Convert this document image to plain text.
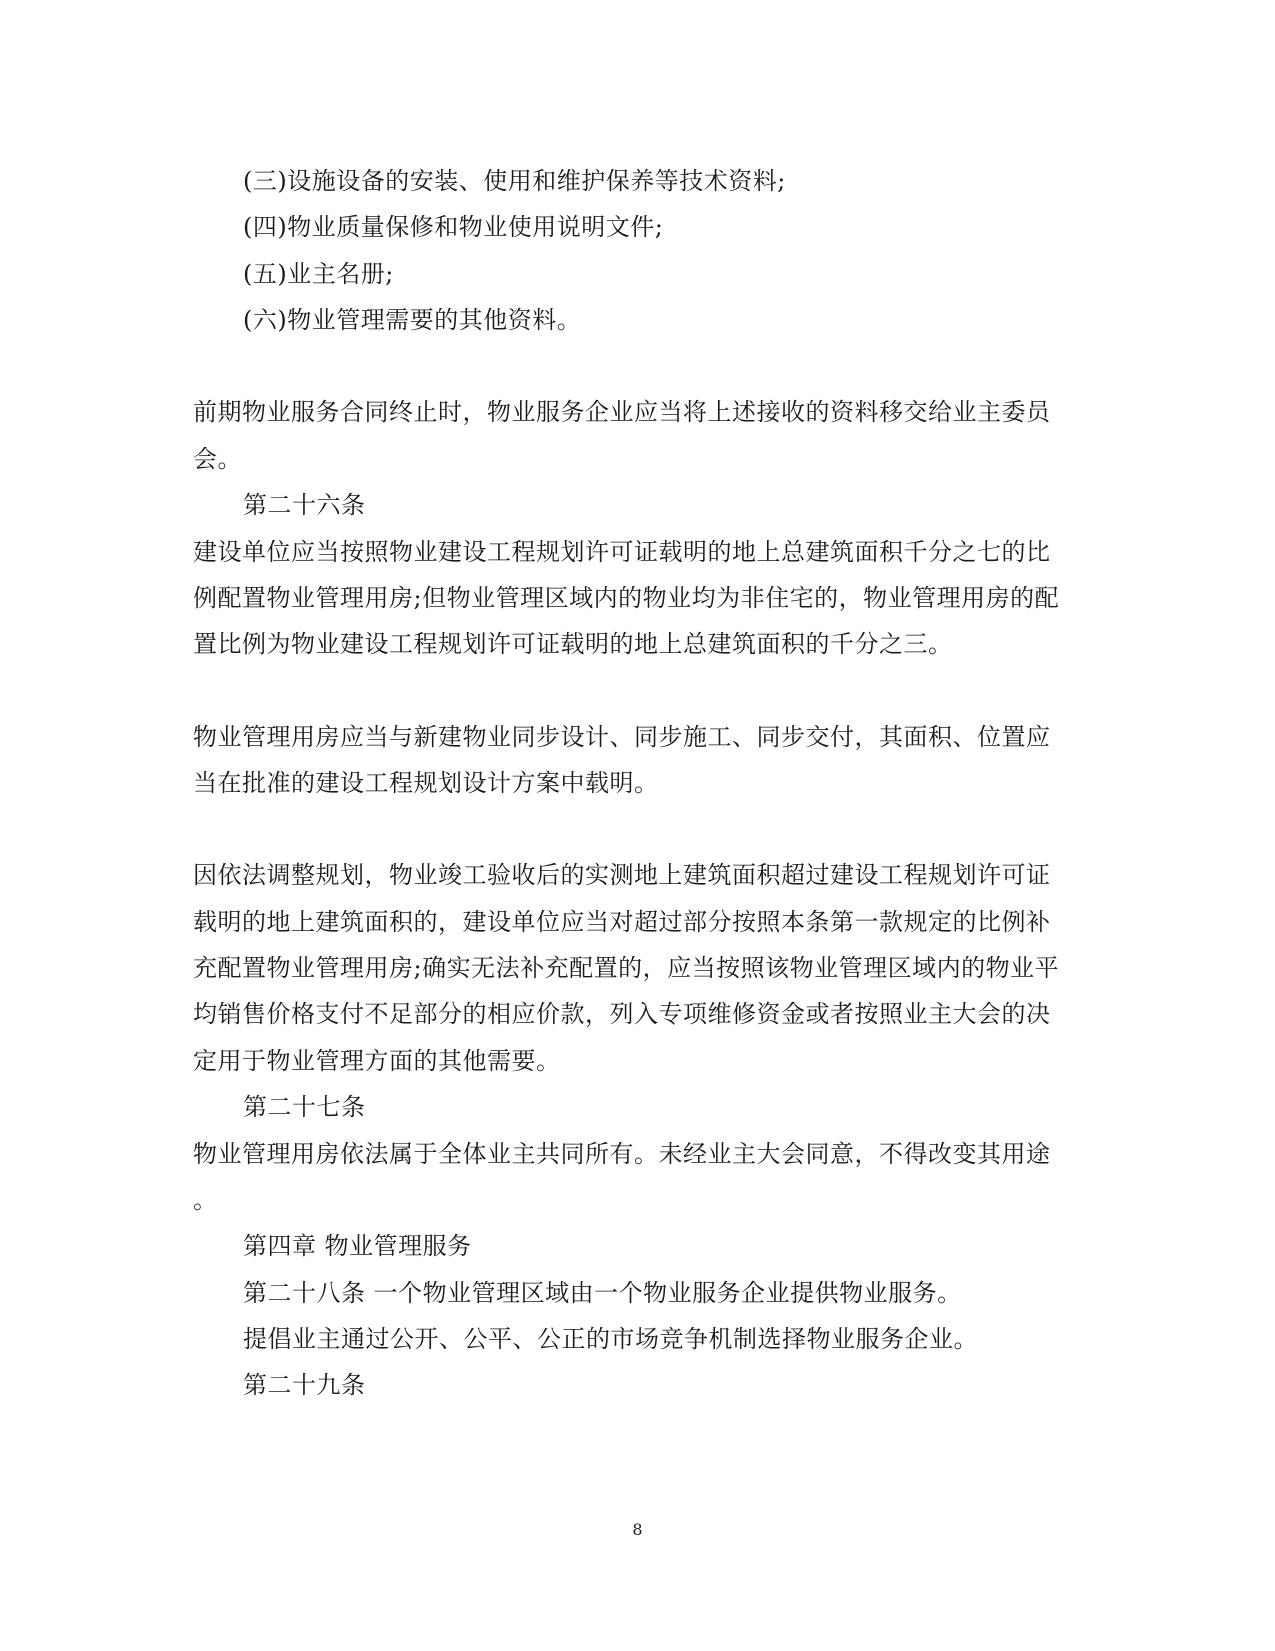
(三)设施设备的安装、使用和维护保养等技术资料;
(四)物业质量保修和物业使用说明文件;
(五)业主名册;
(六)物业管理需要的其他资料。
前期物业服务合同终止时，物业服务企业应当将上述接收的资料移交给业主委员
会。
第二十六条
建设单位应当按照物业建设工程规划许可证载明的地上总建筑面积千分之七的比
例配置物业管理用房;但物业管理区域内的物业均为非住宅的，物业管理用房的配
置比例为物业建设工程规划许可证载明的地上总建筑面积的千分之三。
物业管理用房应当与新建物业同步设计、同步施工、同步交付，其面积、位置应
当在批准的建设工程规划设计方案中载明。
因依法调整规划，物业竣工验收后的实测地上建筑面积超过建设工程规划许可证
载明的地上建筑面积的，建设单位应当对超过部分按照本条第一款规定的比例补
充配置物业管理用房;确实无法补充配置的，应当按照该物业管理区域内的物业平
均销售价格支付不足部分的相应价款，列入专项维修资金或者按照业主大会的决
定用于物业管理方面的其他需要。
第二十七条
物业管理用房依法属于全体业主共同所有。未经业主大会同意，不得改变其用途
。
第四章 物业管理服务
第二十八条 一个物业管理区域由一个物业服务企业提供物业服务。
提倡业主通过公开、公平、公正的市场竞争机制选择物业服务企业。
第二十九条
8
